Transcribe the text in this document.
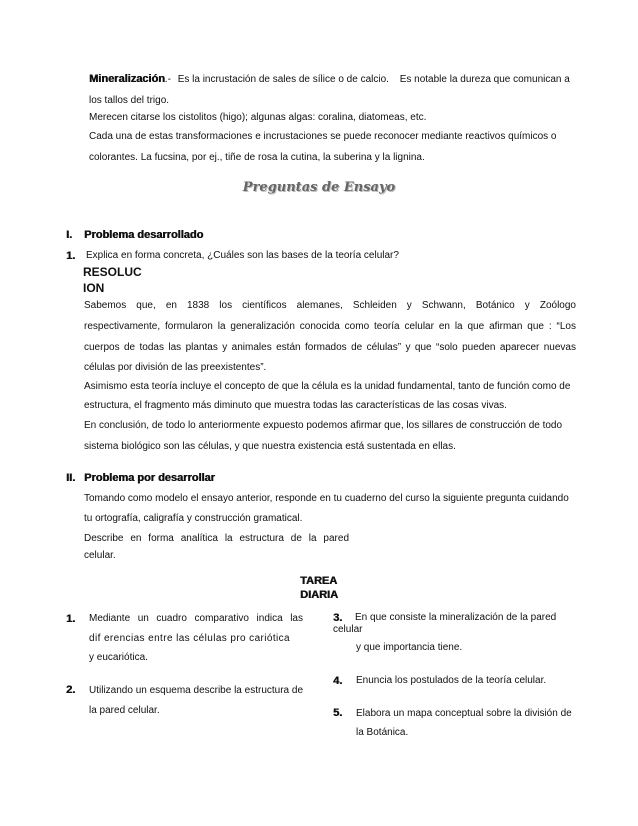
Mineralización.- Es la incrustación de sales de sílice o de calcio. Es notable la dureza que comunican a
los tallos del trigo.
Merecen citarse los cistolitos (higo); algunas algas: coralina, diatomeas, etc.
Cada una de estas transformaciones e incrustaciones se puede reconocer mediante reactivos químicos o
colorantes. La fucsina, por ej., tiñe de rosa la cutina, la suberina y la lignina.
Preguntas de Ensayo
I. Problema desarrollado
1. Explica en forma concreta, ¿Cuáles son las bases de la teoría celular?
RESOLUC
ION
Sabemos que, en 1838 los científicos alemanes, Schleiden y Schwann, Botánico y Zoólogo
respectivamente, formularon la generalización conocida como teoría celular en la que afirman que : “Los
cuerpos de todas las plantas y animales están formados de células” y que “solo pueden aparecer nuevas
células por división de las preexistentes”.
Asimismo esta teoría incluye el concepto de que la célula es la unidad fundamental, tanto de función como de
estructura, el fragmento más diminuto que muestra todas las características de las cosas vivas.
En conclusión, de todo lo anteriormente expuesto podemos afirmar que, los sillares de construcción de todo
sistema biológico son las células, y que nuestra existencia está sustentada en ellas.
II. Problema por desarrollar
Tomando como modelo el ensayo anterior, responde en tu cuaderno del curso la siguiente pregunta cuidando
tu ortografía, caligrafía y construcción gramatical.
Describe en forma analítica la estructura de la pared
celular.
TAREA
DIARIA
1. Mediante un cuadro comparativo indica las
dif erencias entre las células pro cariótica
y eucariótica.
2. Utilizando un esquema describe la estructura de
la pared celular.
3. En que consiste la mineralización de la pared
celular
y que importancia tiene.
4. Enuncia los postulados de la teoría celular.
5. Elabora un mapa conceptual sobre la división de
la Botánica.
